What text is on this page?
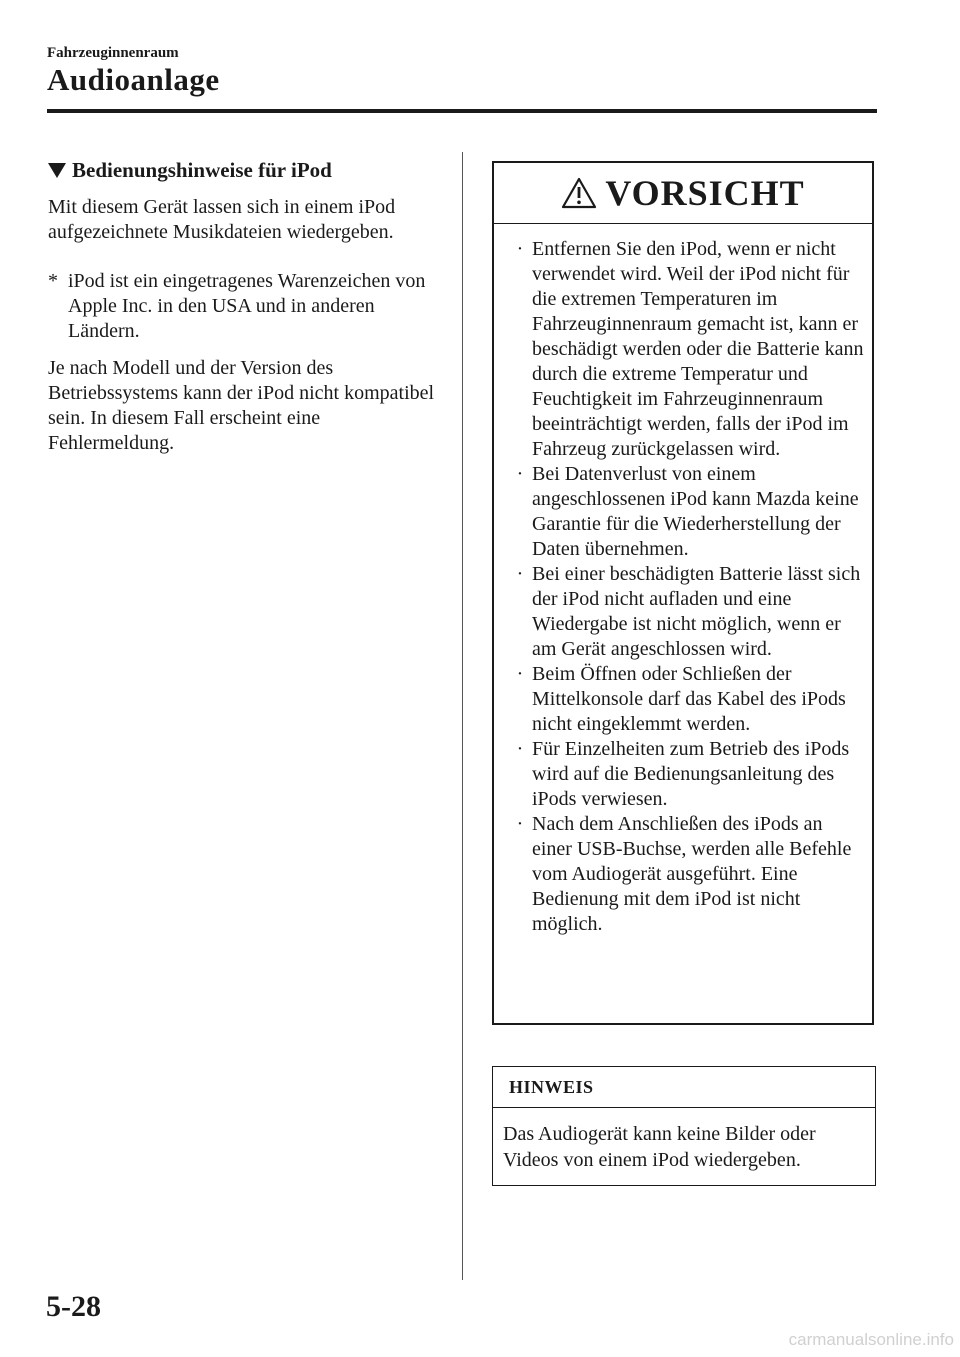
Fahrzeuginnenraum
Audioanlage
Bedienungshinweise für iPod

Mit diesem Gerät lassen sich in einem iPod aufgezeichnete Musikdateien wiedergeben.

* iPod ist ein eingetragenes Warenzeichen von Apple Inc. in den USA und in anderen Ländern.

Je nach Modell und der Version des Betriebssystems kann der iPod nicht kompatibel sein. In diesem Fall erscheint eine Fehlermeldung.

VORSICHT
· Entfernen Sie den iPod, wenn er nicht verwendet wird. Weil der iPod nicht für die extremen Temperaturen im Fahrzeuginnenraum gemacht ist, kann er beschädigt werden oder die Batterie kann durch die extreme Temperatur und Feuchtigkeit im Fahrzeuginnenraum beeinträchtigt werden, falls der iPod im Fahrzeug zurückgelassen wird.
· Bei Datenverlust von einem angeschlossenen iPod kann Mazda keine Garantie für die Wiederherstellung der Daten übernehmen.
· Bei einer beschädigten Batterie lässt sich der iPod nicht aufladen und eine Wiedergabe ist nicht möglich, wenn er am Gerät angeschlossen wird.
· Beim Öffnen oder Schließen der Mittelkonsole darf das Kabel des iPods nicht eingeklemmt werden.
· Für Einzelheiten zum Betrieb des iPods wird auf die Bedienungsanleitung des iPods verwiesen.
· Nach dem Anschließen des iPods an einer USB-Buchse, werden alle Befehle vom Audiogerät ausgeführt. Eine Bedienung mit dem iPod ist nicht möglich.
HINWEIS
Das Audiogerät kann keine Bilder oder Videos von einem iPod wiedergeben.
5-28
carmanualsonline.info
